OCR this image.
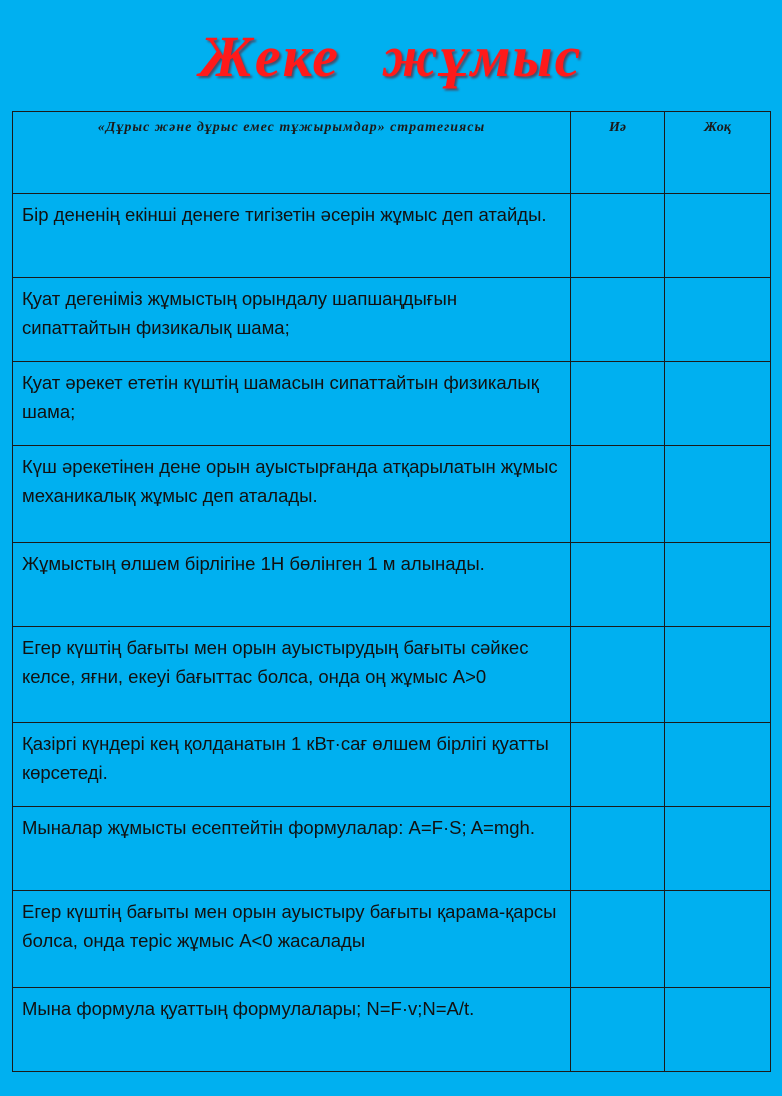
Жеке жұмыс
«Дұрыс және дұрыс емес тұжырымдар» стратегиясы	Иә	Жоқ
Бір дененің екінші денеге тигізетін әсерін жұмыс деп атайды.		
Қуат дегеніміз жұмыстың орындалу шапшаңдығын сипаттайтын физикалық шама;		
Қуат әрекет ететін күштің шамасын сипаттайтын физикалық шама;		
Күш әрекетінен дене орын ауыстырғанда атқарылатын жұмыс механикалық жұмыс деп аталады.		
Жұмыстың өлшем бірлігіне 1Н бөлінген 1 м алынады.		
Егер күштің бағыты мен орын ауыстырудың бағыты сәйкес келсе, яғни, екеуі бағыттас болса, онда оң жұмыс А>0		
Қазіргі күндері кең қолданатын 1 кВт·сағ өлшем бірлігі қуатты көрсетеді.		
Мыналар жұмысты есептейтін формулалар: A=F·S; A=mgh.		
Егер күштің бағыты мен орын ауыстыру бағыты қарама-қарсы болса, онда теріс жұмыс А<0 жасалады		
Мына формула қуаттың формулалары; N=F·v;N=A/t.		
